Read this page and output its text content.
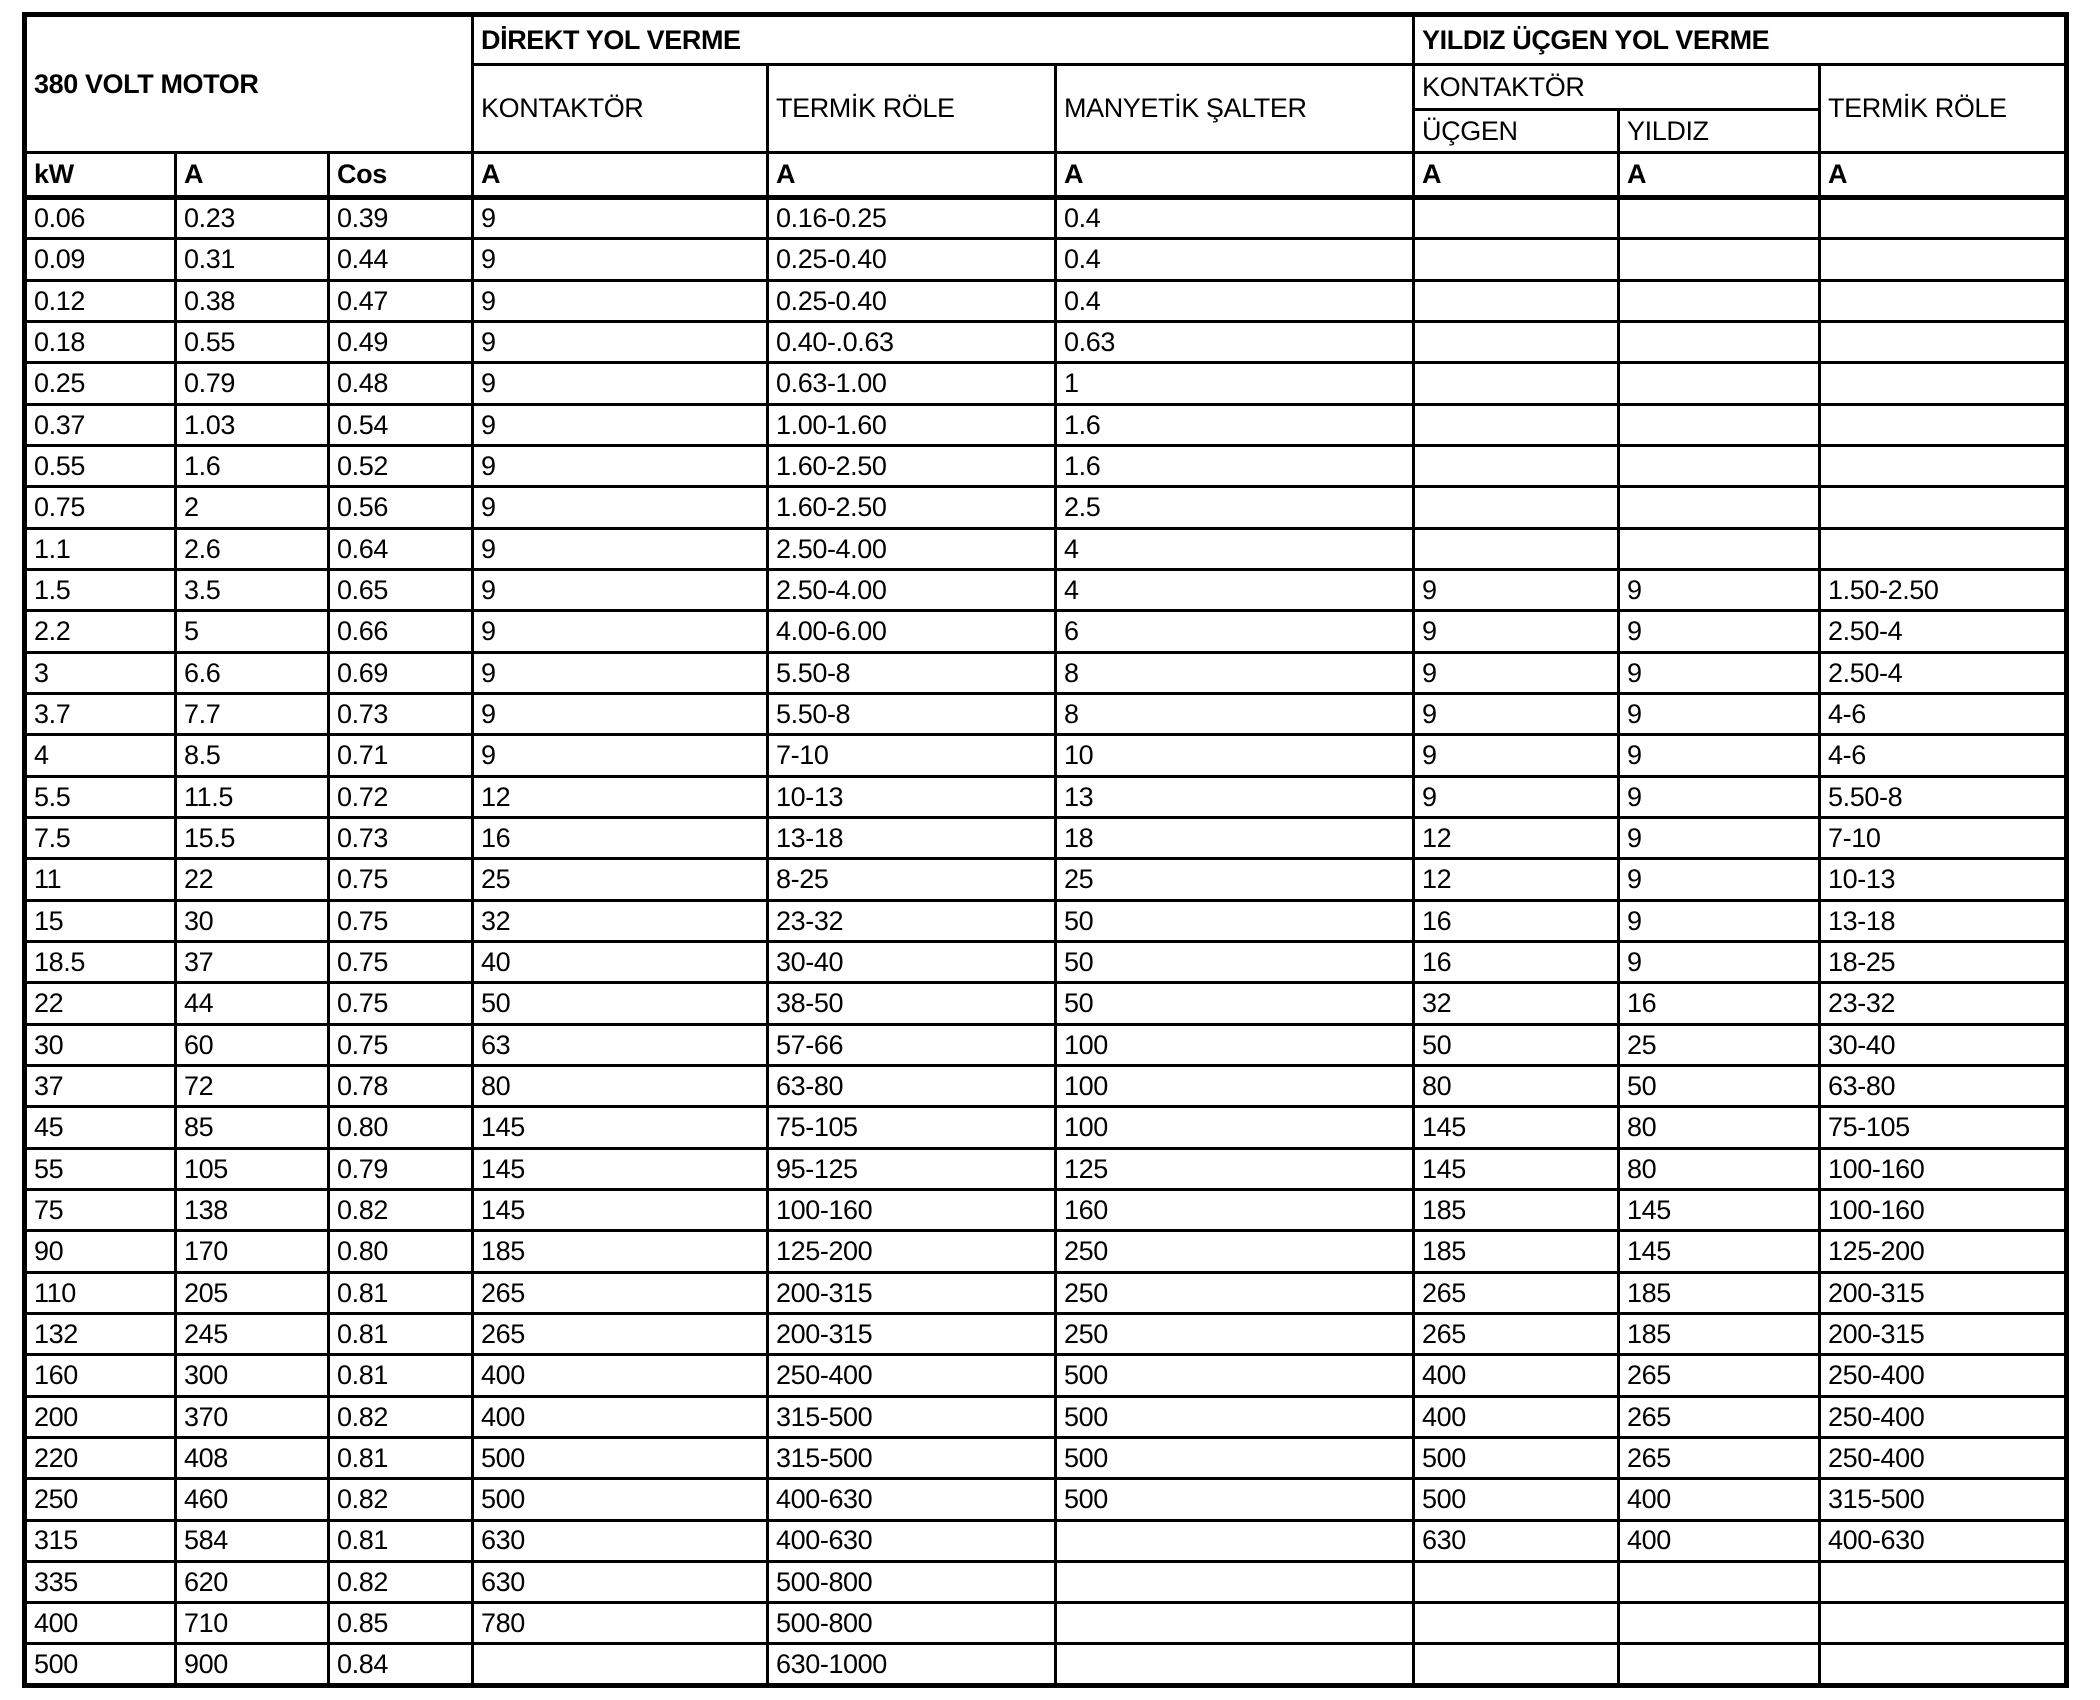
380 VOLT MOTOR			DİREKT YOL VERME			YILDIZ ÜÇGEN YOL VERME		
			KONTAKTÖR	TERMİK RÖLE	MANYETİK ŞALTER	KONTAKTÖR		TERMİK RÖLE
						ÜÇGEN	YILDIZ	
kW	A	Cos	A	A	A	A	A	A
0.06	0.23	0.39	9	0.16-0.25	0.4			
0.09	0.31	0.44	9	0.25-0.40	0.4			
0.12	0.38	0.47	9	0.25-0.40	0.4			
0.18	0.55	0.49	9	0.40-.0.63	0.63			
0.25	0.79	0.48	9	0.63-1.00	1			
0.37	1.03	0.54	9	1.00-1.60	1.6			
0.55	1.6	0.52	9	1.60-2.50	1.6			
0.75	2	0.56	9	1.60-2.50	2.5			
1.1	2.6	0.64	9	2.50-4.00	4			
1.5	3.5	0.65	9	2.50-4.00	4	9	9	1.50-2.50
2.2	5	0.66	9	4.00-6.00	6	9	9	2.50-4
3	6.6	0.69	9	5.50-8	8	9	9	2.50-4
3.7	7.7	0.73	9	5.50-8	8	9	9	4-6
4	8.5	0.71	9	7-10	10	9	9	4-6
5.5	11.5	0.72	12	10-13	13	9	9	5.50-8
7.5	15.5	0.73	16	13-18	18	12	9	7-10
11	22	0.75	25	8-25	25	12	9	10-13
15	30	0.75	32	23-32	50	16	9	13-18
18.5	37	0.75	40	30-40	50	16	9	18-25
22	44	0.75	50	38-50	50	32	16	23-32
30	60	0.75	63	57-66	100	50	25	30-40
37	72	0.78	80	63-80	100	80	50	63-80
45	85	0.80	145	75-105	100	145	80	75-105
55	105	0.79	145	95-125	125	145	80	100-160
75	138	0.82	145	100-160	160	185	145	100-160
90	170	0.80	185	125-200	250	185	145	125-200
110	205	0.81	265	200-315	250	265	185	200-315
132	245	0.81	265	200-315	250	265	185	200-315
160	300	0.81	400	250-400	500	400	265	250-400
200	370	0.82	400	315-500	500	400	265	250-400
220	408	0.81	500	315-500	500	500	265	250-400
250	460	0.82	500	400-630	500	500	400	315-500
315	584	0.81	630	400-630		630	400	400-630
335	620	0.82	630	500-800				
400	710	0.85	780	500-800				
500	900	0.84		630-1000				
